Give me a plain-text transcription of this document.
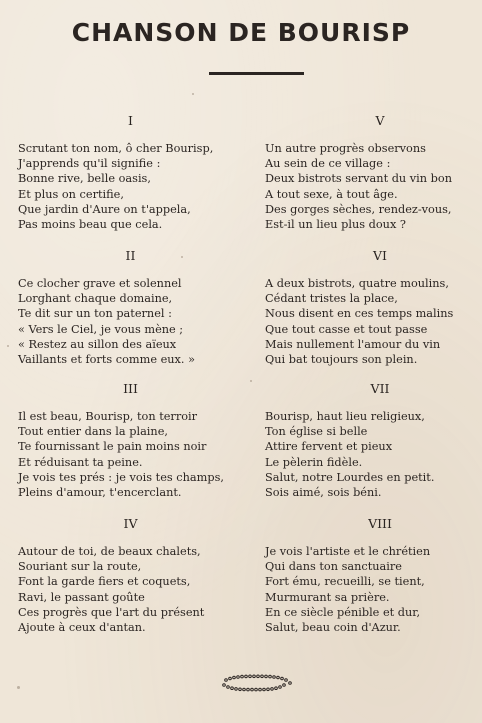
CHANSON DE BOURISP
I
Scrutant ton nom, ô cher Bourisp,
J'apprends qu'il signifie :
Bonne rive, belle oasis,
Et plus on certifie,
Que jardin d'Aure on t'appela,
Pas moins beau que cela.
II
Ce clocher grave et solennel
Lorghant chaque domaine,
Te dit sur un ton paternel :
« Vers le Ciel, je vous mène ;
« Restez au sillon des aïeux
Vaillants et forts comme eux. »
III
Il est beau, Bourisp, ton terroir
Tout entier dans la plaine,
Te fournissant le pain moins noir
Et réduisant ta peine.
Je vois tes prés : je vois tes champs,
Pleins d'amour, t'encerclant.
IV
Autour de toi, de beaux chalets,
Souriant sur la route,
Font la garde fiers et coquets,
Ravi, le passant goûte
Ces progrès que l'art du présent
Ajoute à ceux d'antan.
V
Un autre progrès observons
Au sein de ce village :
Deux bistrots servant du vin bon
A tout sexe, à tout âge.
Des gorges sèches, rendez-vous,
Est-il un lieu plus doux ?
VI
A deux bistrots, quatre moulins,
Cédant tristes la place,
Nous disent en ces temps malins
Que tout casse et tout passe
Mais nullement l'amour du vin
Qui bat toujours son plein.
VII
Bourisp, haut lieu religieux,
Ton église si belle
Attire fervent et pieux
Le pèlerin fidèle.
Salut, notre Lourdes en petit.
Sois aimé, sois béni.
VIII
Je vois l'artiste et le chrétien
Qui dans ton sanctuaire
Fort ému, recueilli, se tient,
Murmurant sa prière.
En ce siècle pénible et dur,
Salut, beau coin d'Azur.
